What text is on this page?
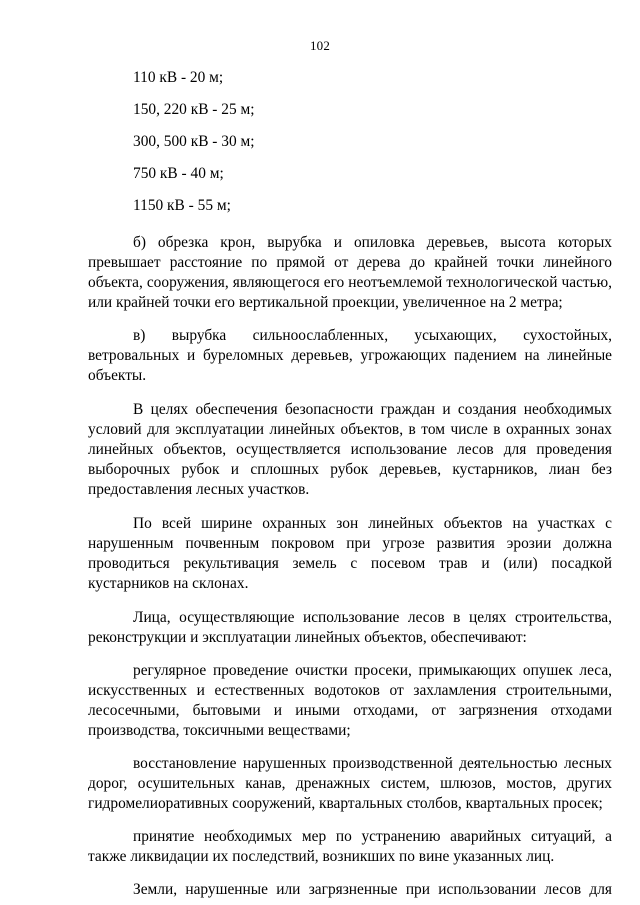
102
110 кВ - 20 м;
150, 220 кВ - 25 м;
300, 500 кВ - 30 м;
750 кВ - 40 м;
1150 кВ - 55 м;

б) обрезка крон, вырубка и опиловка деревьев, высота которых превышает расстояние по прямой от дерева до крайней точки линейного объекта, сооружения, являющегося его неотъемлемой технологической частью, или крайней точки его вертикальной проекции, увеличенное на 2 метра;

в) вырубка сильноослабленных, усыхающих, сухостойных, ветровальных и буреломных деревьев, угрожающих падением на линейные объекты.

В целях обеспечения безопасности граждан и создания необходимых условий для эксплуатации линейных объектов, в том числе в охранных зонах линейных объектов, осуществляется использование лесов для проведения выборочных рубок и сплошных рубок деревьев, кустарников, лиан без предоставления лесных участков.

По всей ширине охранных зон линейных объектов на участках с нарушенным почвенным покровом при угрозе развития эрозии должна проводиться рекультивация земель с посевом трав и (или) посадкой кустарников на склонах.

Лица, осуществляющие использование лесов в целях строительства, реконструкции и эксплуатации линейных объектов, обеспечивают:

регулярное проведение очистки просеки, примыкающих опушек леса, искусственных и естественных водотоков от захламления строительными, лесосечными, бытовыми и иными отходами, от загрязнения отходами производства, токсичными веществами;

восстановление нарушенных производственной деятельностью лесных дорог, осушительных канав, дренажных систем, шлюзов, мостов, других гидромелиоративных сооружений, квартальных столбов, квартальных просек;

принятие необходимых мер по устранению аварийных ситуаций, а также ликвидации их последствий, возникших по вине указанных лиц.

Земли, нарушенные или загрязненные при использовании лесов для
